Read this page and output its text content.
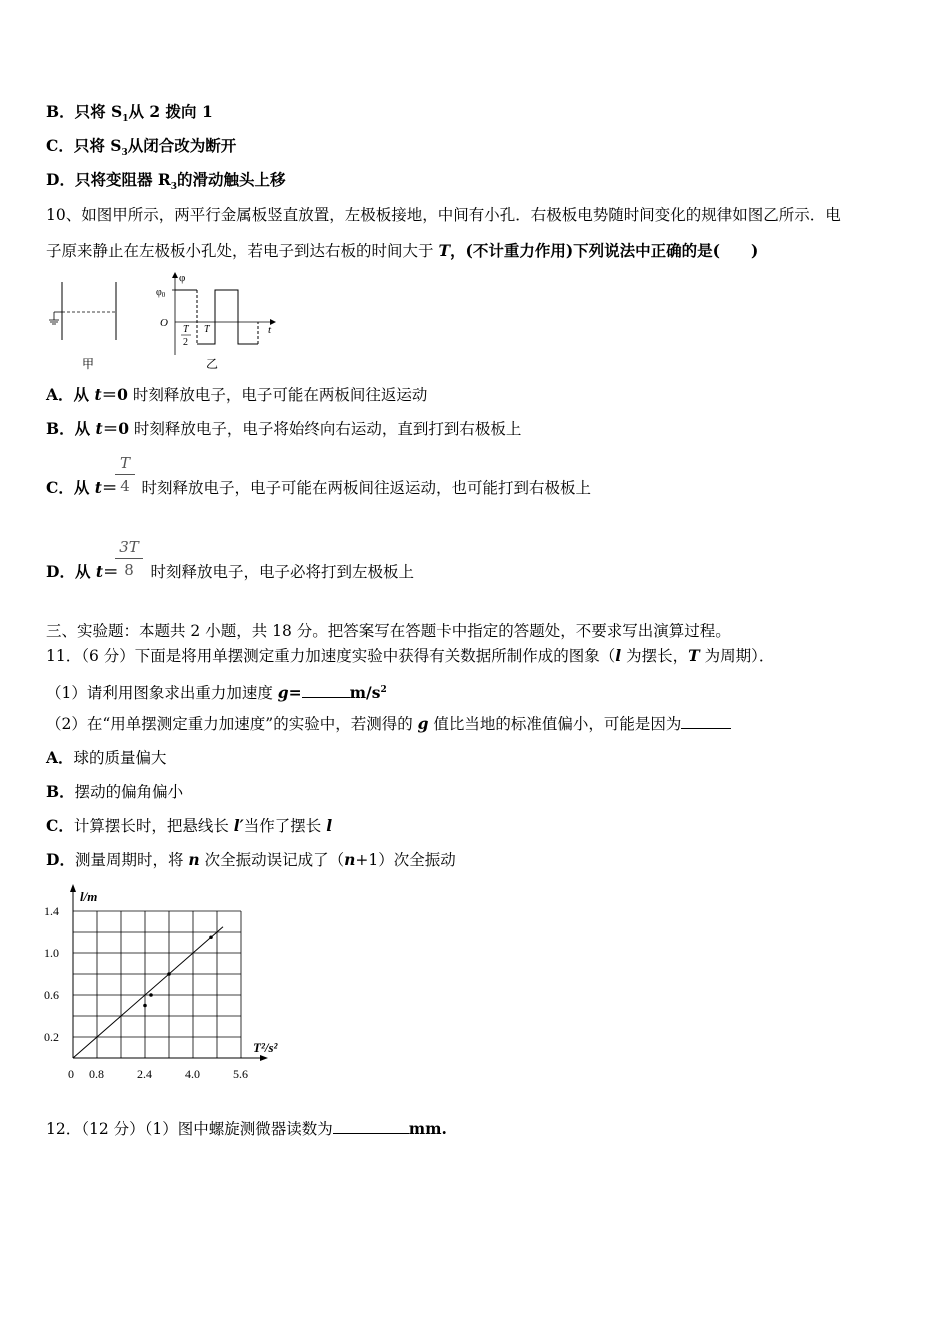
B．只将 $S_1$从 2 拨向 1
C．只将 $S_3$从闭合改为断开
D．只将变阻器 $R_3$的滑动触头上移
10、如图甲所示，两平行金属板竖直放置，左极板接地，中间有小孔．右极板电势随时间变化的规律如图乙所示．电
子原来静止在左极板小孔处，若电子到达右板的时间大于 T，(不计重力作用)下列说法中正确的是(　　)
甲
φ
$\varphi_0$
O
t
T
2
T
乙
A．从 t＝0 时刻释放电子，电子可能在两板间往返运动
B．从 t＝0 时刻释放电子，电子将始终向右运动，直到打到右极板上
T
4
C．从 t＝ 时刻释放电子，电子可能在两板间往返运动，也可能打到右极板上
3T
8
D．从 t＝ 时刻释放电子，电子必将打到左极板上
三、实验题：本题共 2 小题，共 18 分。把答案写在答题卡中指定的答题处，不要求写出演算过程。
11．（6 分）下面是将用单摆测定重力加速度实验中获得有关数据所制作成的图象（l 为摆长，T 为周期）．
（1）请利用图象求出重力加速度 g=	$m/s^2$
（2）在“用单摆测定重力加速度”的实验中，若测得的 g 值比当地的标准值偏小，可能是因为
A．球的质量偏大
B．摆动的偏角偏小
C．计算摆长时，把悬线长 l′当作了摆长 l
D．测量周期时，将 n 次全振动误记成了（n+1）次全振动
l/m
T²/s²
1.4
1.0
0.6
0.2
0 0.8	2.4	4.0	5.6
12．（12 分）（1）图中螺旋测微器读数为	mm.
